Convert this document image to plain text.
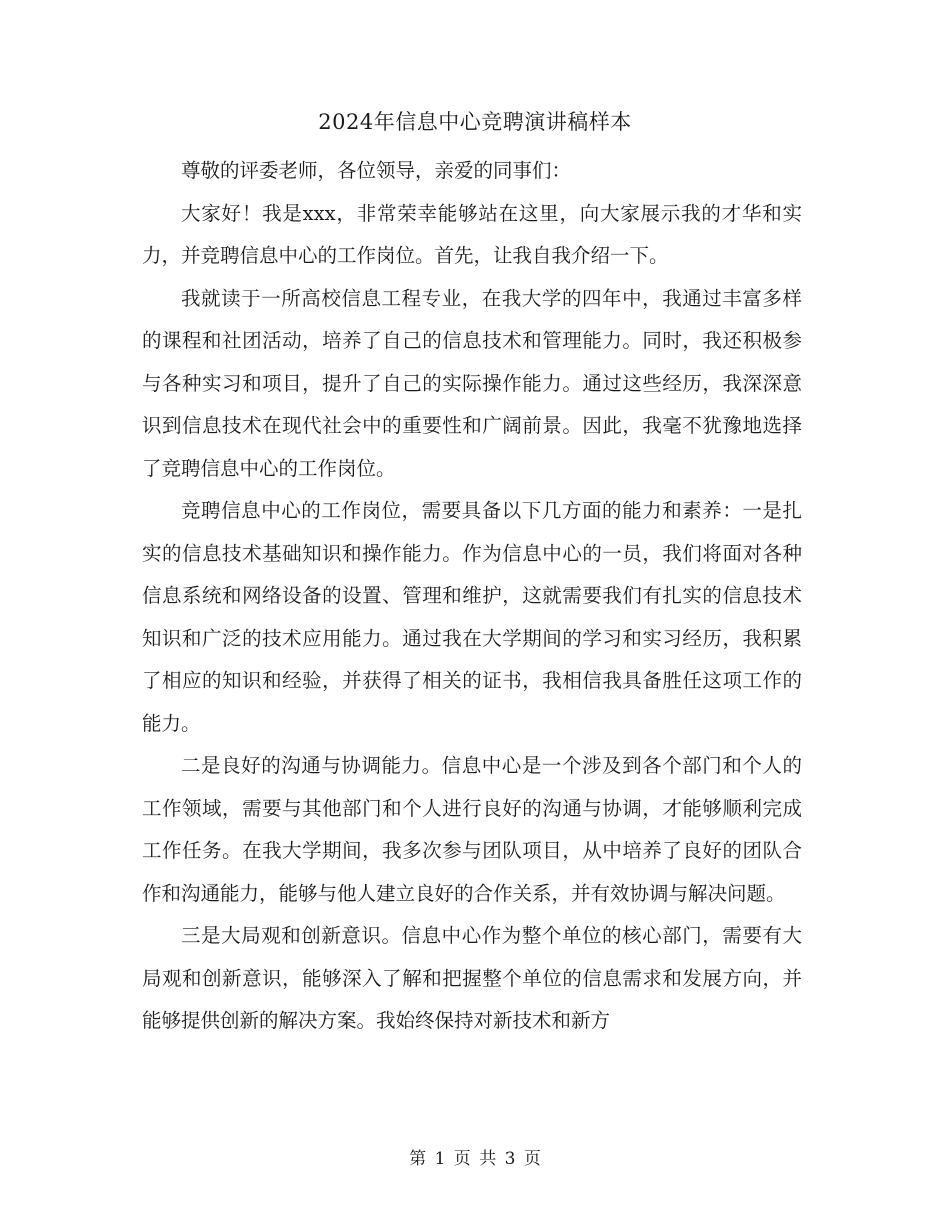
2024年信息中心竞聘演讲稿样本

尊敬的评委老师，各位领导，亲爱的同事们：

大家好！我是xxx，非常荣幸能够站在这里，向大家展示我的才华和实力，并竞聘信息中心的工作岗位。首先，让我自我介绍一下。

我就读于一所高校信息工程专业，在我大学的四年中，我通过丰富多样的课程和社团活动，培养了自己的信息技术和管理能力。同时，我还积极参与各种实习和项目，提升了自己的实际操作能力。通过这些经历，我深深意识到信息技术在现代社会中的重要性和广阔前景。因此，我毫不犹豫地选择了竞聘信息中心的工作岗位。

竞聘信息中心的工作岗位，需要具备以下几方面的能力和素养：一是扎实的信息技术基础知识和操作能力。作为信息中心的一员，我们将面对各种信息系统和网络设备的设置、管理和维护，这就需要我们有扎实的信息技术知识和广泛的技术应用能力。通过我在大学期间的学习和实习经历，我积累了相应的知识和经验，并获得了相关的证书，我相信我具备胜任这项工作的能力。

二是良好的沟通与协调能力。信息中心是一个涉及到各个部门和个人的工作领域，需要与其他部门和个人进行良好的沟通与协调，才能够顺利完成工作任务。在我大学期间，我多次参与团队项目，从中培养了良好的团队合作和沟通能力，能够与他人建立良好的合作关系，并有效协调与解决问题。

三是大局观和创新意识。信息中心作为整个单位的核心部门，需要有大局观和创新意识，能够深入了解和把握整个单位的信息需求和发展方向，并能够提供创新的解决方案。我始终保持对新技术和新方

第 1 页 共 3 页
